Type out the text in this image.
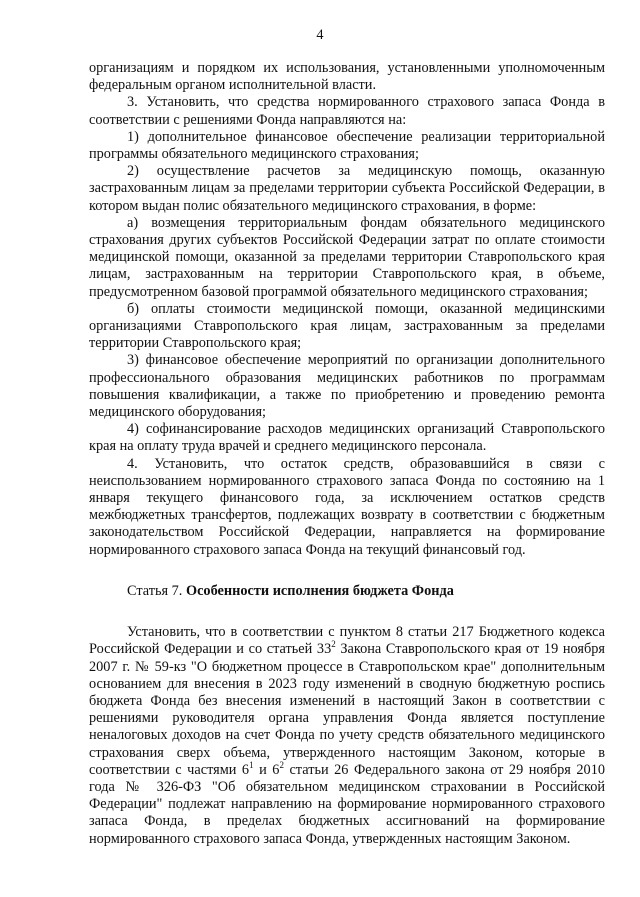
4
организациям и порядком их использования, установленными уполномоченным федеральным органом исполнительной власти.
3. Установить, что средства нормированного страхового запаса Фонда в соответствии с решениями Фонда направляются на:
1) дополнительное финансовое обеспечение реализации территориальной программы обязательного медицинского страхования;
2) осуществление расчетов за медицинскую помощь, оказанную застрахованным лицам за пределами территории субъекта Российской Федерации, в котором выдан полис обязательного медицинского страхования, в форме:
а) возмещения территориальным фондам обязательного медицинского страхования других субъектов Российской Федерации затрат по оплате стоимости медицинской помощи, оказанной за пределами территории Ставропольского края лицам, застрахованным на территории Ставропольского края, в объеме, предусмотренном базовой программой обязательного медицинского страхования;
б) оплаты стоимости медицинской помощи, оказанной медицинскими организациями Ставропольского края лицам, застрахованным за пределами территории Ставропольского края;
3) финансовое обеспечение мероприятий по организации дополнительного профессионального образования медицинских работников по программам повышения квалификации, а также по приобретению и проведению ремонта медицинского оборудования;
4) софинансирование расходов медицинских организаций Ставропольского края на оплату труда врачей и среднего медицинского персонала.
4. Установить, что остаток средств, образовавшийся в связи с неиспользованием нормированного страхового запаса Фонда по состоянию на 1 января текущего финансового года, за исключением остатков средств межбюджетных трансфертов, подлежащих возврату в соответствии с бюджетным законодательством Российской Федерации, направляется на формирование нормированного страхового запаса Фонда на текущий финансовый год.
Статья 7. Особенности исполнения бюджета Фонда
Установить, что в соответствии с пунктом 8 статьи 217 Бюджетного кодекса Российской Федерации и со статьей $33^2$ Закона Ставропольского края от 19 ноября 2007 г. № 59-кз "О бюджетном процессе в Ставропольском крае" дополнительным основанием для внесения в 2023 году изменений в сводную бюджетную роспись бюджета Фонда без внесения изменений в настоящий Закон в соответствии с решениями руководителя органа управления Фонда является поступление неналоговых доходов на счет Фонда по учету средств обязательного медицинского страхования сверх объема, утвержденного настоящим Законом, которые в соответствии с частями $6^1$ и $6^2$ статьи 26 Федерального закона от 29 ноября 2010 года № 326-ФЗ "Об обязательном медицинском страховании в Российской Федерации" подлежат направлению на формирование нормированного страхового запаса Фонда, в пределах бюджетных ассигнований на формирование нормированного страхового запаса Фонда, утвержденных настоящим Законом.
